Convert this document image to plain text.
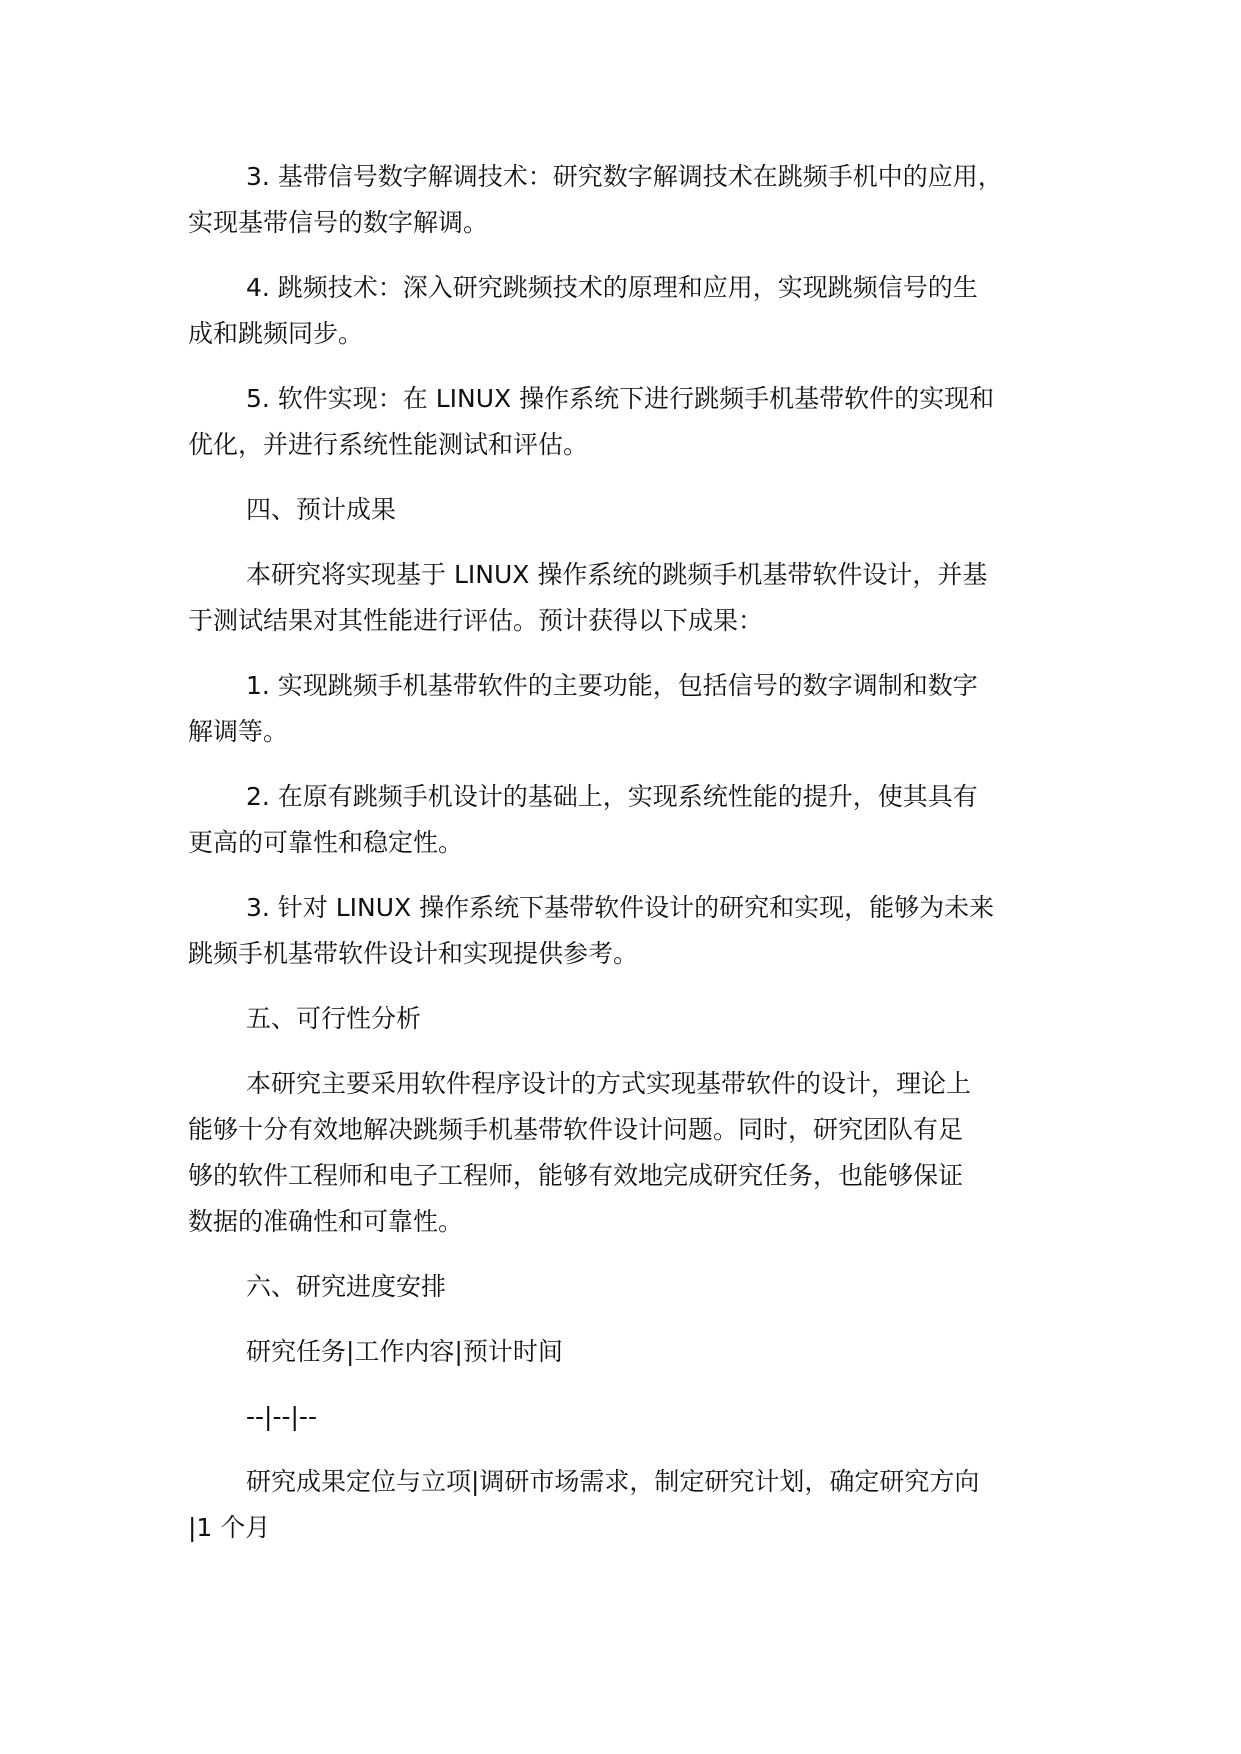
3. 基带信号数字解调技术：研究数字解调技术在跳频手机中的应用，
实现基带信号的数字解调。

4. 跳频技术：深入研究跳频技术的原理和应用，实现跳频信号的生
成和跳频同步。

5. 软件实现：在 LINUX 操作系统下进行跳频手机基带软件的实现和
优化，并进行系统性能测试和评估。

四、预计成果

本研究将实现基于 LINUX 操作系统的跳频手机基带软件设计，并基
于测试结果对其性能进行评估。预计获得以下成果：

1. 实现跳频手机基带软件的主要功能，包括信号的数字调制和数字
解调等。

2. 在原有跳频手机设计的基础上，实现系统性能的提升，使其具有
更高的可靠性和稳定性。

3. 针对 LINUX 操作系统下基带软件设计的研究和实现，能够为未来
跳频手机基带软件设计和实现提供参考。

五、可行性分析

本研究主要采用软件程序设计的方式实现基带软件的设计，理论上
能够十分有效地解决跳频手机基带软件设计问题。同时，研究团队有足
够的软件工程师和电子工程师，能够有效地完成研究任务，也能够保证
数据的准确性和可靠性。

六、研究进度安排

研究任务|工作内容|预计时间

--|--|--

研究成果定位与立项|调研市场需求，制定研究计划，确定研究方向
|1 个月
